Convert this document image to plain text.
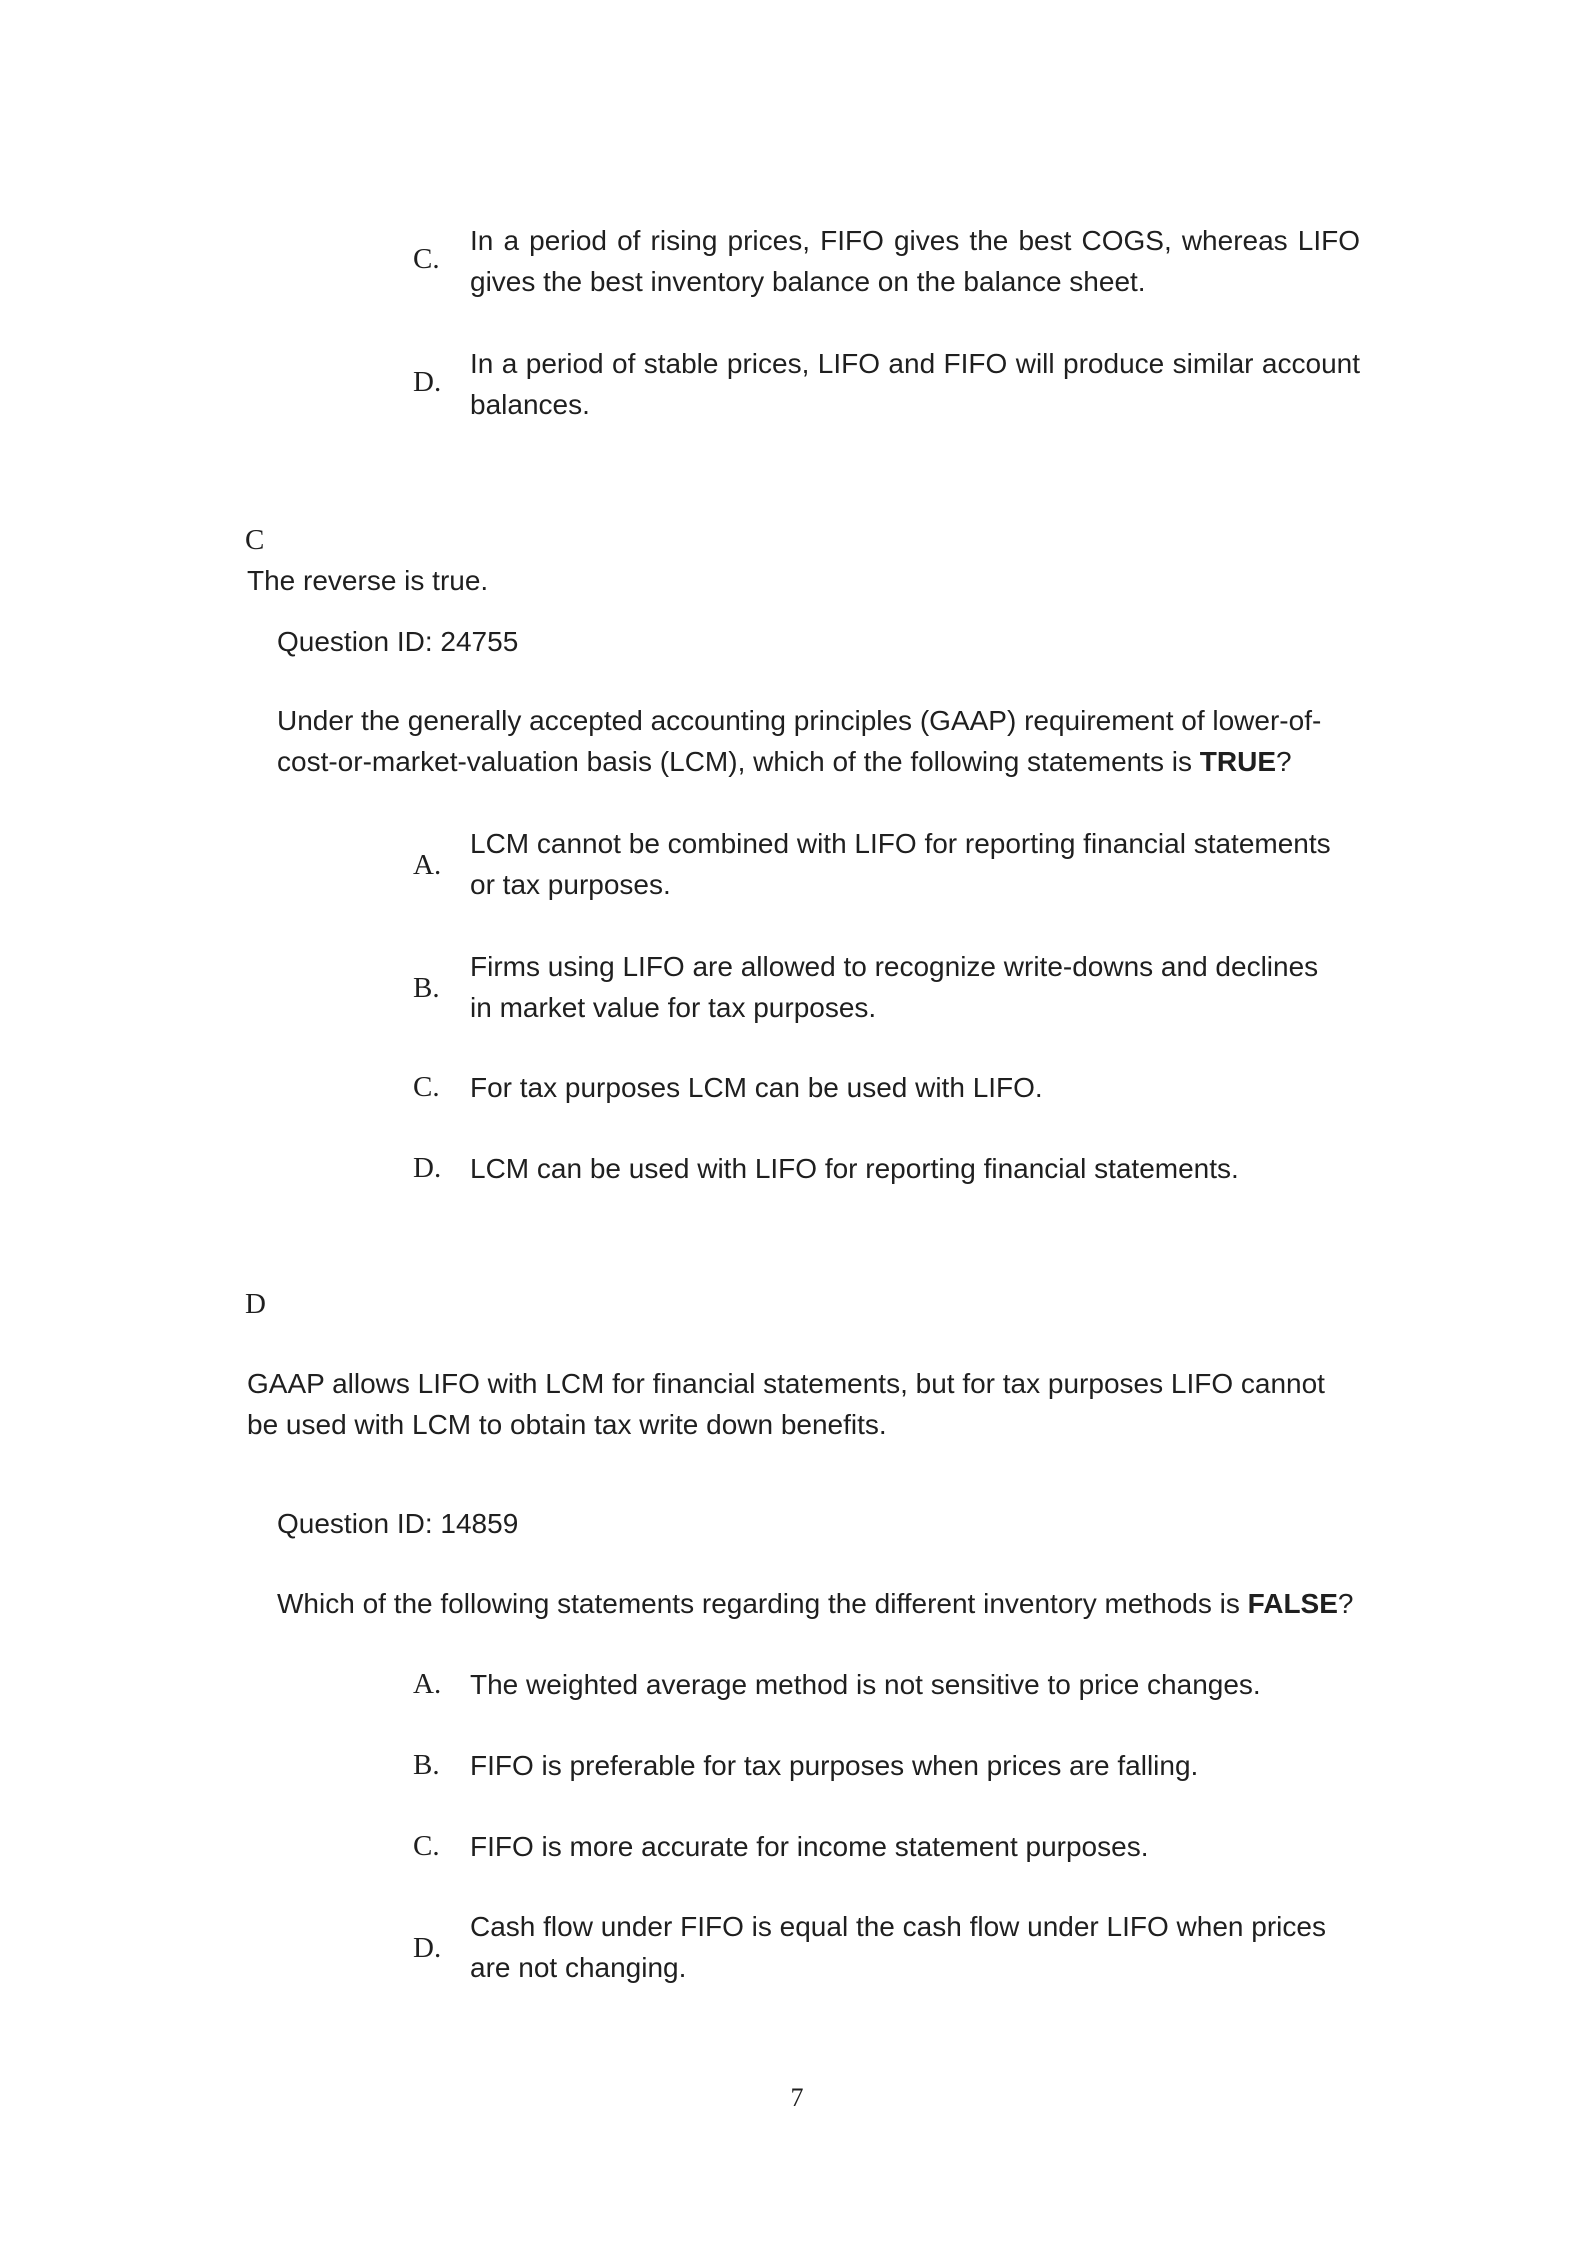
C.
In a period of rising prices, FIFO gives the best COGS, whereas LIFO gives the best inventory balance on the balance sheet.
D.
In a period of stable prices, LIFO and FIFO will produce similar account balances.
C
The reverse is true.
Question ID: 24755
Under the generally accepted accounting principles (GAAP) requirement of lower-of-cost-or-market-valuation basis (LCM), which of the following statements is TRUE?
A.
LCM cannot be combined with LIFO for reporting financial statements or tax purposes.
B.
Firms using LIFO are allowed to recognize write-downs and declines in market value for tax purposes.
C.	For tax purposes LCM can be used with LIFO.
D.	LCM can be used with LIFO for reporting financial statements.
D
GAAP allows LIFO with LCM for financial statements, but for tax purposes LIFO cannot be used with LCM to obtain tax write down benefits.
Question ID: 14859
Which of the following statements regarding the different inventory methods is FALSE?
A.	The weighted average method is not sensitive to price changes.
B.	FIFO is preferable for tax purposes when prices are falling.
C.	FIFO is more accurate for income statement purposes.
D.
Cash flow under FIFO is equal the cash flow under LIFO when prices are not changing.
7
